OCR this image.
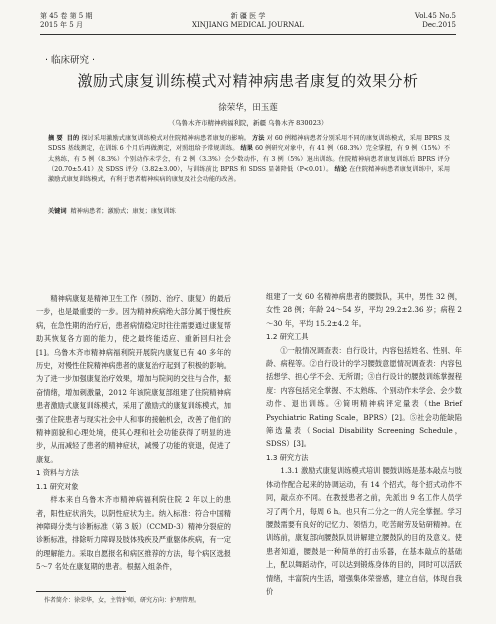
第 45 卷 第 5 期
2015 年 5 月
新 疆 医 学
XINJIANG MEDICAL JOURNAL
Vol.45 No.5
Dec.2015
· 临床研究 ·
激励式康复训练模式对精神病患者康复的效果分析
徐荣华，田玉莲
（乌鲁木齐市精神病福利院，新疆 乌鲁木齐 830023）
摘 要 目的 探讨采用激励式康复训练模式对住院精神病患者康复的影响。 方法 对 60 例精神病患者分别采用不同的康复训练模式，采用 BPRS 及 SDSS 基线测定，在训练 6 个月后再做测定，对照组给予常规训练。 结果 60 例研究对象中，有 41 例（68.3%）完全掌握，有 9 例（15%）不太熟练，有 5 例（8.3%）个别动作未学会，有 2 例（3.3%）会少数动作，有 3 例（5%）退出训练。住院精神病患者康复训练后 BPRS 评分（20.70±5.41）及 SDSS 评分（3.82±3.00），与训练前比 BPRS 和 SDSS 显著降低（P<0.01）。 结论 在住院精神病患者康复训练中，采用激励式康复训练模式，有利于患者精神疾病的康复及社会功能的改善。
关键词 精神病患者；激励式；康复；康复训练

精神病康复是精神卫生工作（预防、治疗、康复）的最后一步，也是最重要的一步。因为精神疾病绝大部分属于慢性疾病，在急性期的治疗后，患者病情稳定时往往需要通过康复帮助其恢复各方面的能力，使之最终能适应、重新回归社会[1]。乌鲁木齐市精神病福利院开展院内康复已有 40 多年的历史，对慢性住院精神病患者的康复治疗起到了积极的影响。为了进一步加强康复治疗效果，增加与院间的交往与合作，振奋情绪，增加刺激量，2012 年该院康复部组建了住院精神病患者激励式康复训练模式，采用了激励式的康复训练模式，加强了住院患者与现实社会中人和事的接触机会，改善了他们的精神面貌和心理处境，使其心理和社会功能获得了明显的进步，从而减轻了患者的精神症状，减慢了功能的衰退，促进了康复。

1 资料与方法

1.1 研究对象

样本来自乌鲁木齐市精神病福利院住院 2 年以上的患者，阳性症状消失，以阴性症状为主。纳入标准：符合中国精神障碍分类与诊断标准（第 3 版）（CCMD-3）精神分裂症的诊断标准，排除听力障碍及肢体残疾及严重躯体疾病，有一定的理解能力。采取自愿报名和病区推荐的方法，每个病区选报 5～7 名处在康复期的患者。根据入组条件，

组建了一支 60 名精神病患者的腰鼓队，其中，男性 32 例，女性 28 例；年龄 24～54 岁，平均 29.2±2.36 岁；病程 2～30 年，平均 15.2±4.2 年。

1.2 研究工具

①一般情况调查表：自行设计，内容包括姓名、性别、年龄、病程等。②自行设计的学习腰鼓意愿情况调查表：内容包括想学、担心学不会、无所谓；③自行设计的腰鼓训练掌握程度：内容包括完全掌握、不太熟练、个别动作未学会、会少数动作、退出训练。④简明精神病评定量表（the Brief Psychiatric Rating Scale，BPRS）[2]。⑤社会功能缺陷筛选量表（Social Disability Screening Schedule，SDSS）[3]。

1.3 研究方法

1.3.1 激励式康复训练模式培训 腰鼓训练是基本敲点与肢体动作配合起来的协调运动，有 14 个招式，每个招式动作不同，敲点亦不同。在教授患者之前，先派出 9 名工作人员学习了两个月，每周 6 h。也只有二分之一的人完全掌握。学习腰鼓需要有良好的记忆力、领悟力，吃苦耐劳及钻研精神。在训练前，康复部向腰鼓队员讲解建立腰鼓队的目的及意义。使患者知道，腰鼓是一种简单的打击乐器，在基本敲点的基础上，配以舞蹈动作，可以达到锻炼身体的目的，同时可以活跃情绪，丰富院内生活，增强集体荣誉感，建立自信，体现自我价

作者简介：徐荣华，女，主管护师，研究方向：护理管理。
